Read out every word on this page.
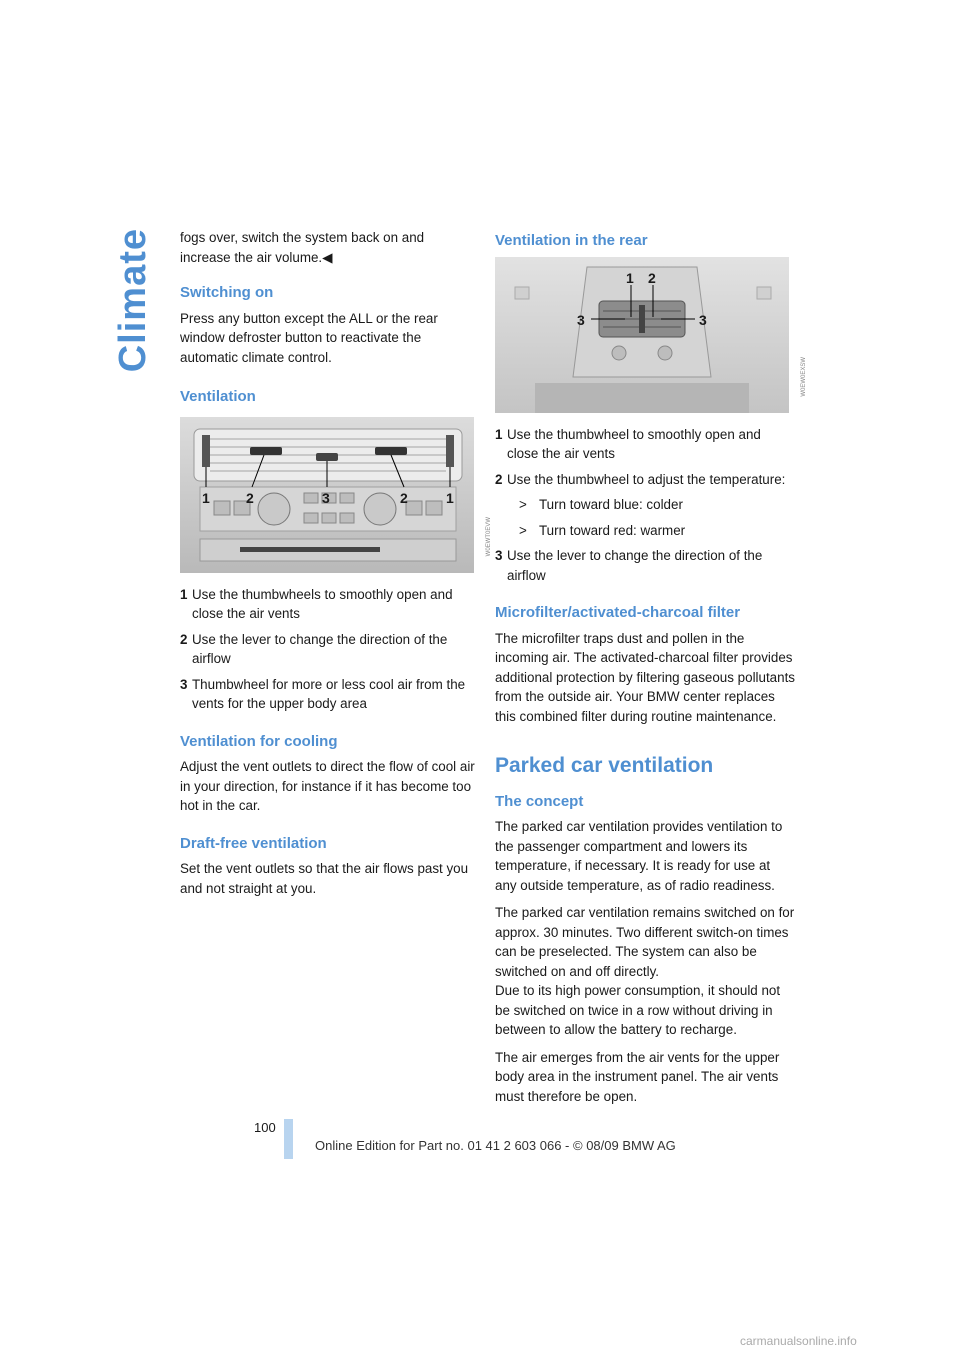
Climate fogs over, switch the system back on and increase the air volume.◀

Switching on

Press any button except the ALL or the rear window defroster button to reactivate the automatic climate control.

Ventilation
1	2	3	2	1
W0EWT0EVW
1 Use the thumbwheels to smoothly open and close the air vents
2 Use the lever to change the direction of the airflow
3 Thumbwheel for more or less cool air from the vents for the upper body area
Ventilation for cooling

Adjust the vent outlets to direct the flow of cool air in your direction, for instance if it has become too hot in the car.

Draft-free ventilation

Set the vent outlets so that the air flows past you and not straight at you.

Ventilation in the rear
1 2
3	3
W0EW0EXSW
1 Use the thumbwheel to smoothly open and close the air vents
2 Use the thumbwheel to adjust the temperature:
> Turn toward blue: colder
> Turn toward red: warmer
3 Use the lever to change the direction of the airflow
Microfilter/activated-charcoal filter

The microfilter traps dust and pollen in the incoming air. The activated-charcoal filter provides additional protection by filtering gaseous pollutants from the outside air. Your BMW center replaces this combined filter during routine maintenance.

Parked car ventilation
The concept

The parked car ventilation provides ventilation to the passenger compartment and lowers its temperature, if necessary. It is ready for use at any outside temperature, as of radio readiness.

The parked car ventilation remains switched on for approx. 30 minutes. Two different switch-on times can be preselected. The system can also be switched on and off directly.

Due to its high power consumption, it should not be switched on twice in a row without driving in between to allow the battery to recharge.

The air emerges from the air vents for the upper body area in the instrument panel. The air vents must therefore be open.

100
Online Edition for Part no. 01 41 2 603 066 - © 08/09 BMW AG
carmanualsonline.info
